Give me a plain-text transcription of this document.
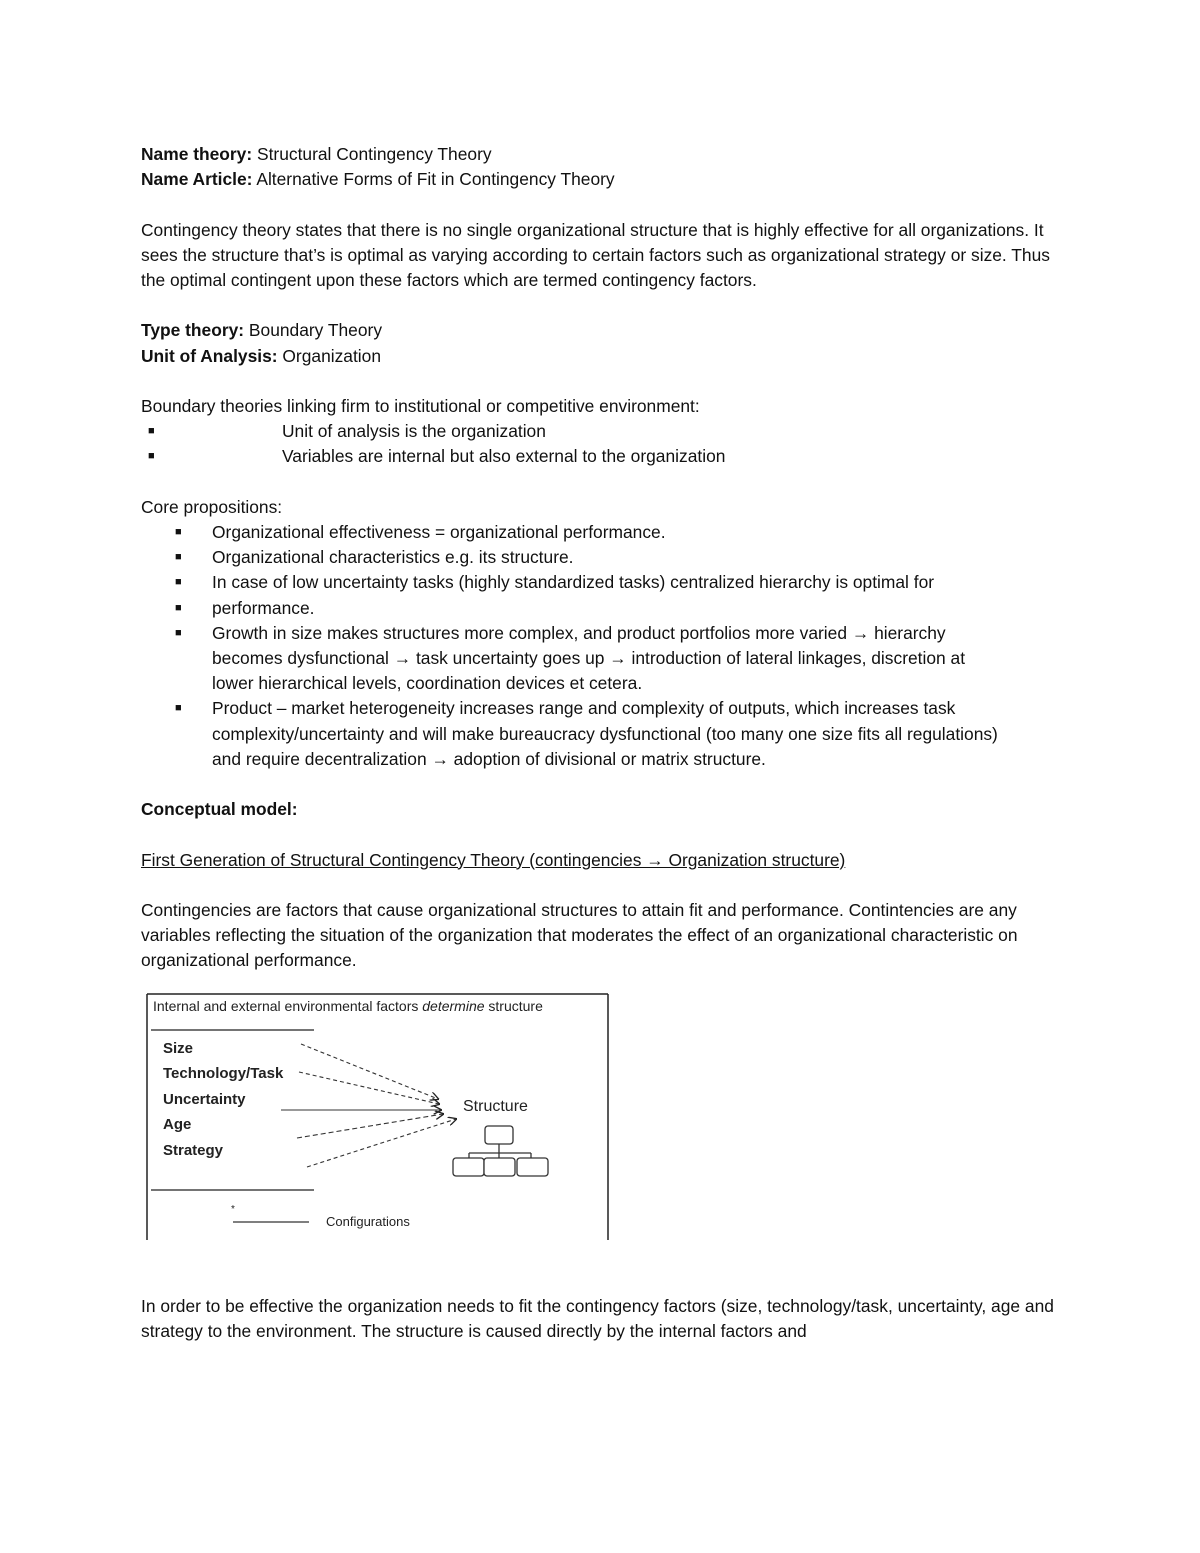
Name theory: Structural Contingency Theory
Name Article: Alternative Forms of Fit in Contingency Theory
Contingency theory states that there is no single organizational structure that is highly effective for all organizations. It sees the structure that’s is optimal as varying according to certain factors such as organizational strategy or size. Thus the optimal contingent upon these factors which are termed contingency factors.
Type theory: Boundary Theory
Unit of Analysis: Organization
Boundary theories linking firm to institutional or competitive environment:
■	Unit of analysis is the organization
■	Variables are internal but also external to the organization
Core propositions:
■ Organizational effectiveness = organizational performance.
■ Organizational characteristics e.g. its structure.
■ In case of low uncertainty tasks (highly standardized tasks) centralized hierarchy is optimal for
■ performance.
■ Growth in size makes structures more complex, and product portfolios more varied → hierarchy becomes dysfunctional → task uncertainty goes up → introduction of lateral linkages, discretion at lower hierarchical levels, coordination devices et cetera.
■ Product – market heterogeneity increases range and complexity of outputs, which increases task complexity/uncertainty and will make bureaucracy dysfunctional (too many one size fits all regulations) and require decentralization → adoption of divisional or matrix structure.
Conceptual model:
First Generation of Structural Contingency Theory (contingencies → Organization structure)
Contingencies are factors that cause organizational structures to attain fit and performance. Contintencies are any variables reflecting the situation of the organization that moderates the effect of an organizational characteristic on organizational performance.
Internal and external environmental factors determine structure
Size
Technology/Task
Uncertainty
Age
Strategy
Structure
*
Configurations
In order to be effective the organization needs to fit the contingency factors (size, technology/task, uncertainty, age and strategy to the environment. The structure is caused directly by the internal factors and
